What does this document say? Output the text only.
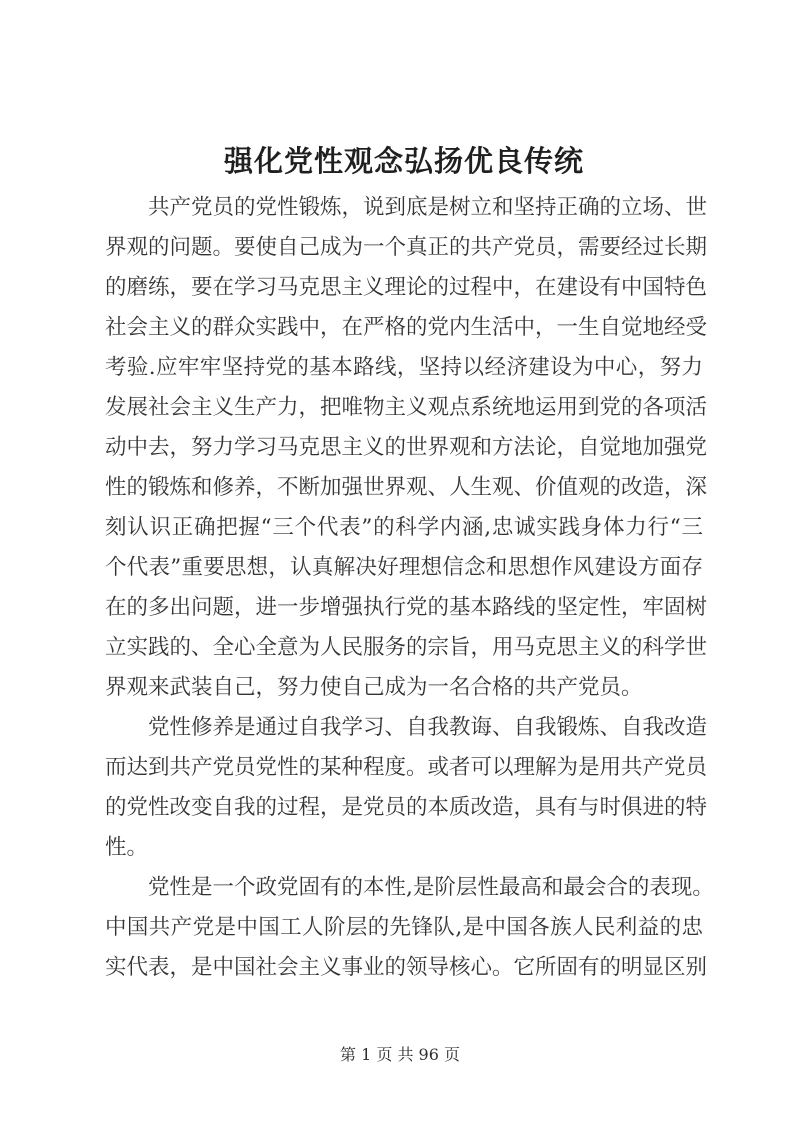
强化党性观念弘扬优良传统
共产党员的党性锻炼，说到底是树立和坚持正确的立场、世
界观的问题。要使自己成为一个真正的共产党员，需要经过长期
的磨练，要在学习马克思主义理论的过程中，在建设有中国特色
社会主义的群众实践中，在严格的党内生活中，一生自觉地经受
考验.应牢牢坚持党的基本路线，坚持以经济建设为中心，努力
发展社会主义生产力，把唯物主义观点系统地运用到党的各项活
动中去，努力学习马克思主义的世界观和方法论，自觉地加强党
性的锻炼和修养，不断加强世界观、人生观、价值观的改造，深
刻认识正确把握“三个代表”的科学内涵,忠诚实践身体力行“三
个代表”重要思想，认真解决好理想信念和思想作风建设方面存
在的多出问题，进一步增强执行党的基本路线的坚定性，牢固树
立实践的、全心全意为人民服务的宗旨，用马克思主义的科学世
界观来武装自己，努力使自己成为一名合格的共产党员。
党性修养是通过自我学习、自我教诲、自我锻炼、自我改造
而达到共产党员党性的某种程度。或者可以理解为是用共产党员
的党性改变自我的过程，是党员的本质改造，具有与时俱进的特
性。
党性是一个政党固有的本性,是阶层性最高和最会合的表现。
中国共产党是中国工人阶层的先锋队,是中国各族人民利益的忠
实代表，是中国社会主义事业的领导核心。它所固有的明显区别
第 1 页 共 96 页
